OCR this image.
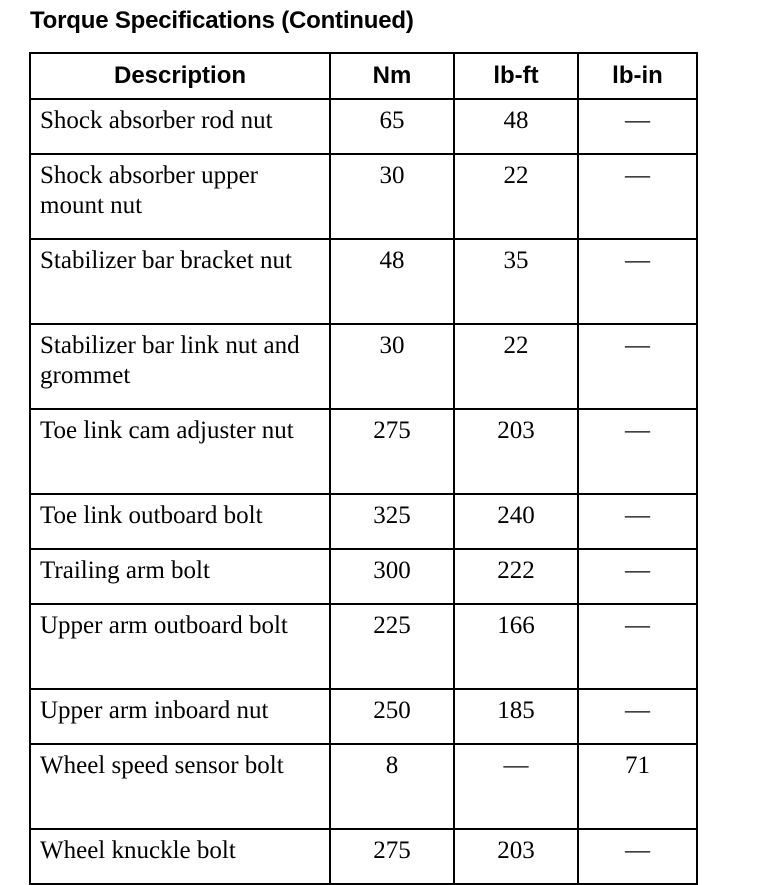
Torque Specifications (Continued)
Description	Nm	lb-ft	lb-in
Shock absorber rod nut	65	48	—
Shock absorber upper mount nut	30	22	—
Stabilizer bar bracket nut	48	35	—
Stabilizer bar link nut and grommet	30	22	—
Toe link cam adjuster nut	275	203	—
Toe link outboard bolt	325	240	—
Trailing arm bolt	300	222	—
Upper arm outboard bolt	225	166	—
Upper arm inboard nut	250	185	—
Wheel speed sensor bolt	8	—	71
Wheel knuckle bolt	275	203	—
